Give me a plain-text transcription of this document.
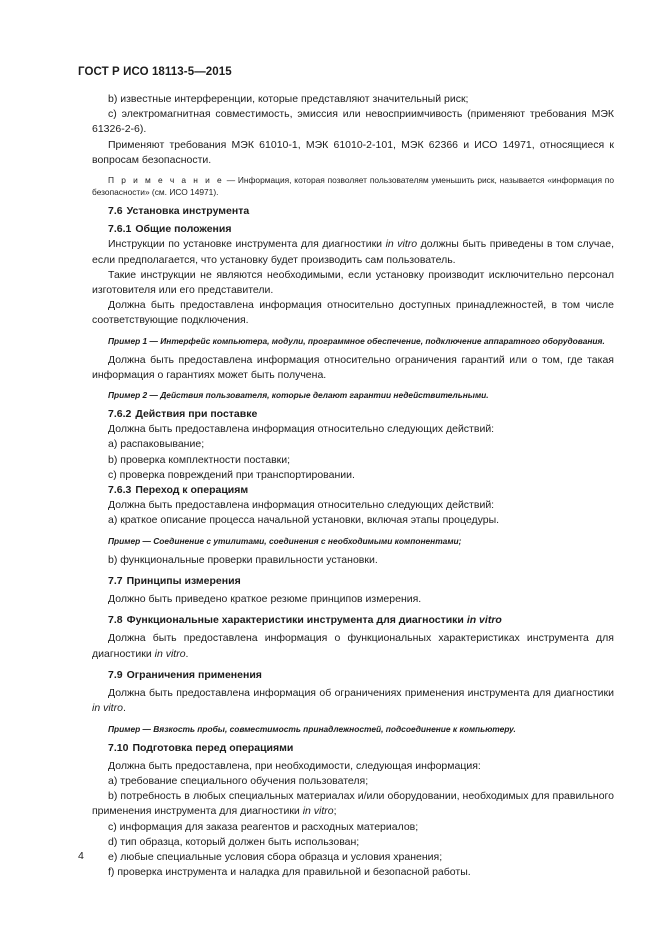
ГОСТ Р ИСО 18113-5—2015

b) известные интерференции, которые представляют значительный риск;

c) электромагнитная совместимость, эмиссия или невосприимчивость (применяют требования МЭК 61326-2-6).

Применяют требования МЭК 61010-1, МЭК 61010-2-101, МЭК 62366 и ИСО 14971, относящиеся к вопросам безопасности.

П р и м е ч а н и е — Информация, которая позволяет пользователям уменьшить риск, называется «информация по безопасности» (см. ИСО 14971).

7.6 Установка инструмента

7.6.1 Общие положения

Инструкции по установке инструмента для диагностики in vitro должны быть приведены в том случае, если предполагается, что установку будет производить сам пользователь.

Такие инструкции не являются необходимыми, если установку производит исключительно персонал изготовителя или его представители.

Должна быть предоставлена информация относительно доступных принадлежностей, в том числе соответствующие подключения.

Пример 1 — Интерфейс компьютера, модули, программное обеспечение, подключение аппаратного оборудования.

Должна быть предоставлена информация относительно ограничения гарантий или о том, где такая информация о гарантиях может быть получена.

Пример 2 — Действия пользователя, которые делают гарантии недействительными.

7.6.2 Действия при поставке

Должна быть предоставлена информация относительно следующих действий:

a) распаковывание;

b) проверка комплектности поставки;

c) проверка повреждений при транспортировании.

7.6.3 Переход к операциям

Должна быть предоставлена информация относительно следующих действий:

a) краткое описание процесса начальной установки, включая этапы процедуры.

Пример — Соединение с утилитами, соединения с необходимыми компонентами;

b) функциональные проверки правильности установки.

7.7 Принципы измерения

Должно быть приведено краткое резюме принципов измерения.

7.8 Функциональные характеристики инструмента для диагностики in vitro

Должна быть предоставлена информация о функциональных характеристиках инструмента для диагностики in vitro.

7.9 Ограничения применения

Должна быть предоставлена информация об ограничениях применения инструмента для диагностики in vitro.

Пример — Вязкость пробы, совместимость принадлежностей, подсоединение к компьютеру.

7.10 Подготовка перед операциями

Должна быть предоставлена, при необходимости, следующая информация:

a) требование специального обучения пользователя;

b) потребность в любых специальных материалах и/или оборудовании, необходимых для правильного применения инструмента для диагностики in vitro;

c) информация для заказа реагентов и расходных материалов;

d) тип образца, который должен быть использован;

e) любые специальные условия сбора образца и условия хранения;

f) проверка инструмента и наладка для правильной и безопасной работы.

4
